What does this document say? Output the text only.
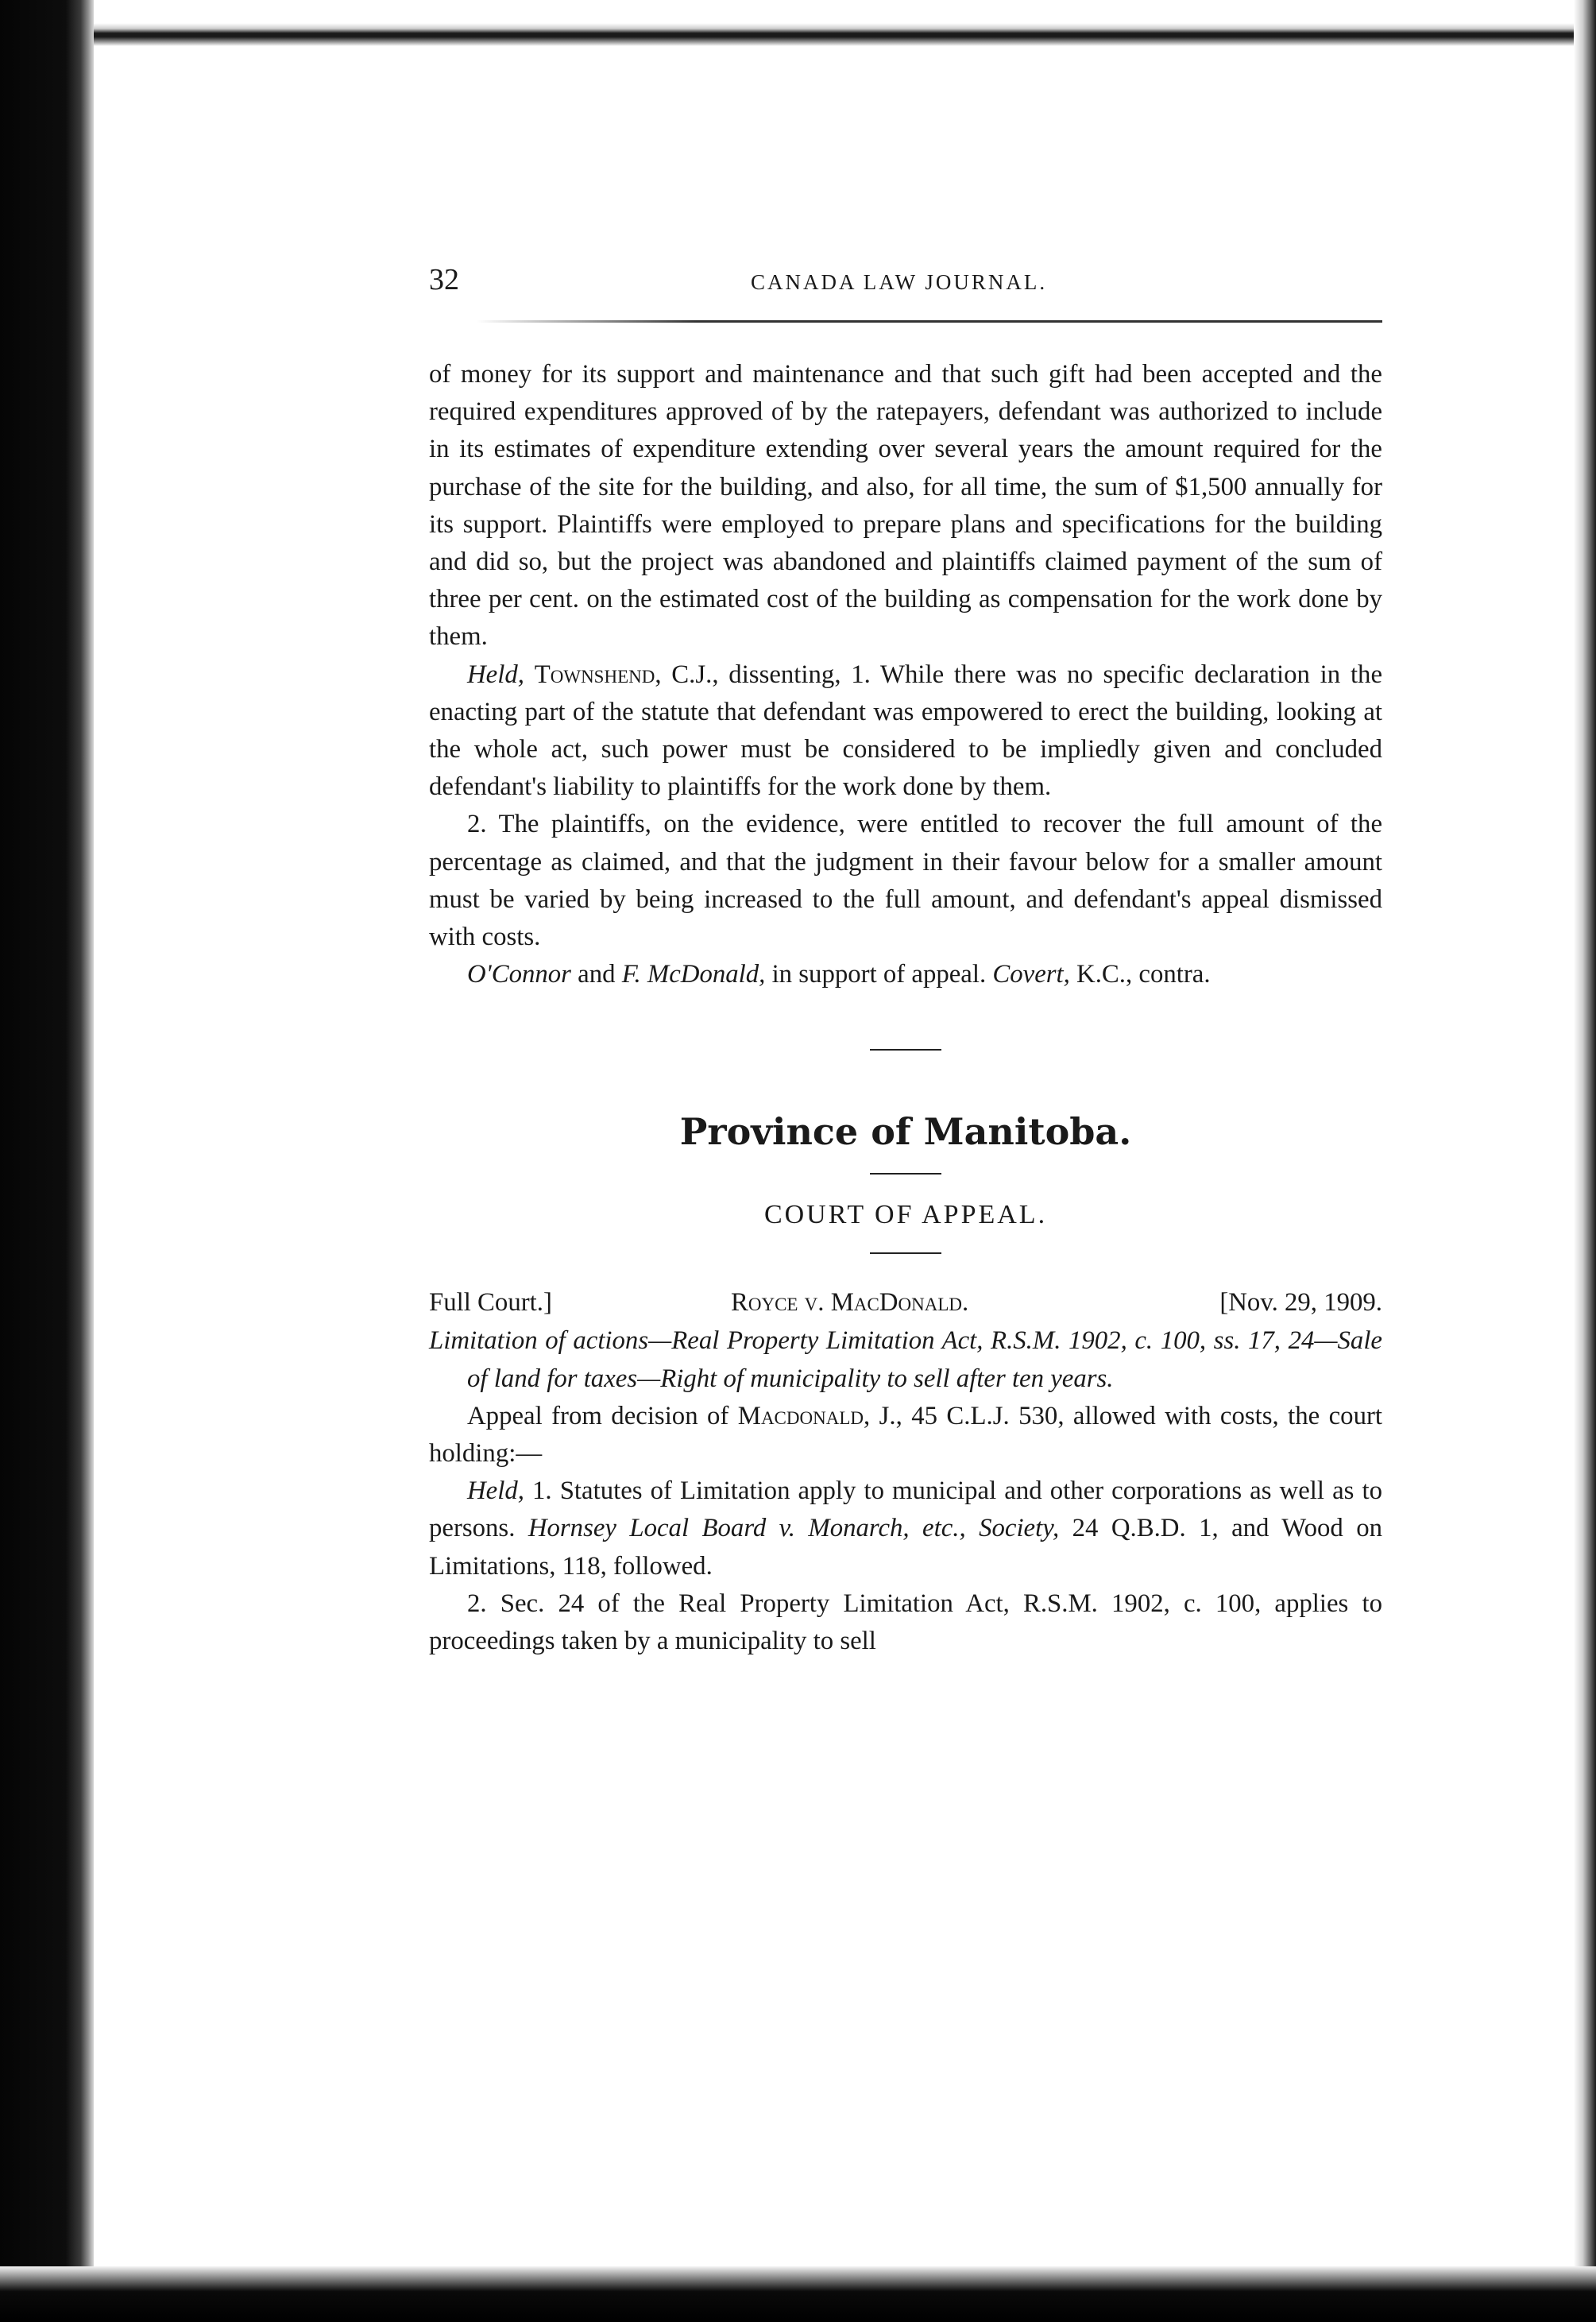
32	CANADA LAW JOURNAL.

of money for its support and maintenance and that such gift had been accepted and the required expenditures approved of by the ratepayers, defendant was authorized to include in its estimates of expenditure extending over several years the amount required for the purchase of the site for the building, and also, for all time, the sum of $1,500 annually for its support. Plaintiffs were employed to prepare plans and specifications for the building and did so, but the project was abandoned and plaintiffs claimed payment of the sum of three per cent. on the estimated cost of the building as compensation for the work done by them.

Held, Townshend, C.J., dissenting, 1. While there was no specific declaration in the enacting part of the statute that defendant was empowered to erect the building, looking at the whole act, such power must be considered to be impliedly given and concluded defendant's liability to plaintiffs for the work done by them.

2. The plaintiffs, on the evidence, were entitled to recover the full amount of the percentage as claimed, and that the judgment in their favour below for a smaller amount must be varied by being increased to the full amount, and defendant's appeal dismissed with costs.

O'Connor and F. McDonald, in support of appeal. Covert, K.C., contra.

Province of Manitoba.
COURT OF APPEAL.
Full Court.]	Royce v. MacDonald.	[Nov. 29, 1909.

Limitation of actions—Real Property Limitation Act, R.S.M. 1902, c. 100, ss. 17, 24—Sale of land for taxes—Right of municipality to sell after ten years.

Appeal from decision of Macdonald, J., 45 C.L.J. 530, allowed with costs, the court holding:—

Held, 1. Statutes of Limitation apply to municipal and other corporations as well as to persons. Hornsey Local Board v. Monarch, etc., Society, 24 Q.B.D. 1, and Wood on Limitations, 118, followed.

2. Sec. 24 of the Real Property Limitation Act, R.S.M. 1902, c. 100, applies to proceedings taken by a municipality to sell
